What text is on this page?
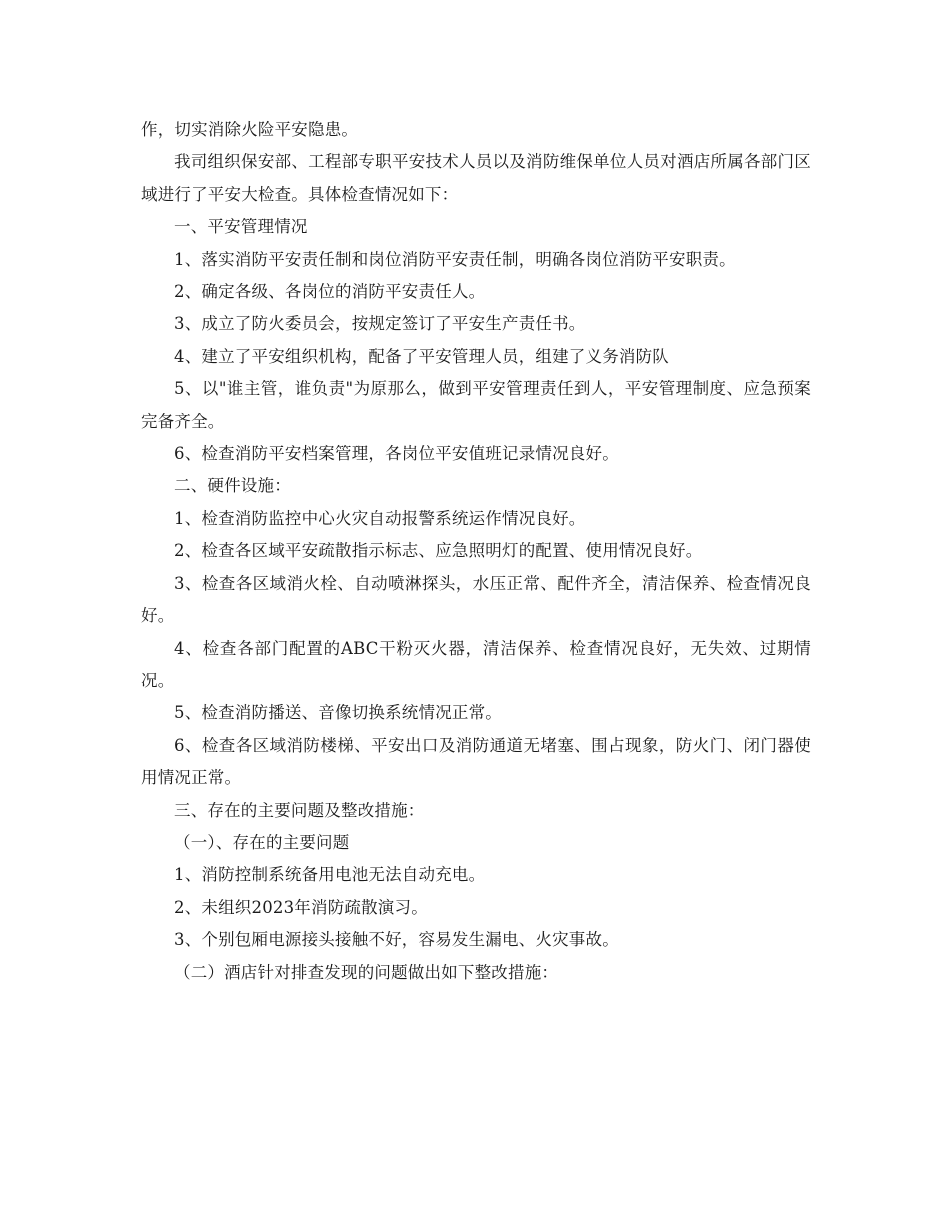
作，切实消除火险平安隐患。

我司组织保安部、工程部专职平安技术人员以及消防维保单位人员对酒店所属各部门区域进行了平安大检查。具体检查情况如下：

一、平安管理情况

1、落实消防平安责任制和岗位消防平安责任制，明确各岗位消防平安职责。

2、确定各级、各岗位的消防平安责任人。

3、成立了防火委员会，按规定签订了平安生产责任书。

4、建立了平安组织机构，配备了平安管理人员，组建了义务消防队

5、以"谁主管，谁负责"为原那么，做到平安管理责任到人，平安管理制度、应急预案完备齐全。

6、检查消防平安档案管理，各岗位平安值班记录情况良好。

二、硬件设施：

1、检查消防监控中心火灾自动报警系统运作情况良好。

2、检查各区域平安疏散指示标志、应急照明灯的配置、使用情况良好。

3、检查各区域消火栓、自动喷淋探头，水压正常、配件齐全，清洁保养、检查情况良好。

4、检查各部门配置的ABC干粉灭火器，清洁保养、检查情况良好，无失效、过期情况。

5、检查消防播送、音像切换系统情况正常。

6、检查各区域消防楼梯、平安出口及消防通道无堵塞、围占现象，防火门、闭门器使用情况正常。

三、存在的主要问题及整改措施：

（一）、存在的主要问题

1、消防控制系统备用电池无法自动充电。

2、未组织2023年消防疏散演习。

3、个别包厢电源接头接触不好，容易发生漏电、火灾事故。

（二）酒店针对排查发现的问题做出如下整改措施：
